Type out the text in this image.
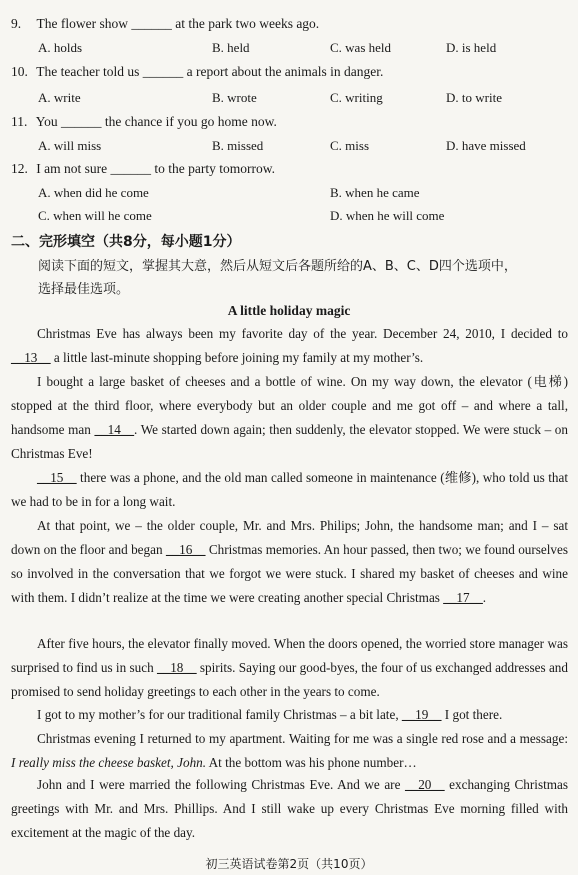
9. The flower show ______ at the park two weeks ago.
A. holds	B. held	C. was held	D. is held
10. The teacher told us ______ a report about the animals in danger.
A. write	B. wrote	C. writing	D. to write
11. You ______ the chance if you go home now.
A. will miss	B. missed	C. miss	D. have missed
12. I am not sure ______ to the party tomorrow.
A. when did he come	B. when he came
C. when will he come	D. when he will come
二、完形填空（共8分，每小题1分）
阅读下面的短文，掌握其大意，然后从短文后各题所给的A、B、C、D四个选项中，
选择最佳选项。
A little holiday magic
Christmas Eve has always been my favorite day of the year. December 24, 2010, I decided to __13__ a little last-minute shopping before joining my family at my mother’s.
I bought a large basket of cheeses and a bottle of wine. On my way down, the elevator (电梯) stopped at the third floor, where everybody but an older couple and me got off – and where a tall, handsome man __14__. We started down again; then suddenly, the elevator stopped. We were stuck – on Christmas Eve!
__15__ there was a phone, and the old man called someone in maintenance (维修), who told us that we had to be in for a long wait.
At that point, we – the older couple, Mr. and Mrs. Philips; John, the handsome man; and I – sat down on the floor and began __16__ Christmas memories. An hour passed, then two; we found ourselves so involved in the conversation that we forgot we were stuck. I shared my basket of cheeses and wine with them. I didn’t realize at the time we were creating another special Christmas __17__.
After five hours, the elevator finally moved. When the doors opened, the worried store manager was surprised to find us in such __18__ spirits. Saying our good-byes, the four of us exchanged addresses and promised to send holiday greetings to each other in the years to come.
I got to my mother’s for our traditional family Christmas – a bit late, __19__ I got there.
Christmas evening I returned to my apartment. Waiting for me was a single red rose and a message: I really miss the cheese basket, John. At the bottom was his phone number…
John and I were married the following Christmas Eve. And we are __20__ exchanging Christmas greetings with Mr. and Mrs. Phillips. And I still wake up every Christmas Eve morning filled with excitement at the magic of the day.
初三英语试卷第2页（共10页）
